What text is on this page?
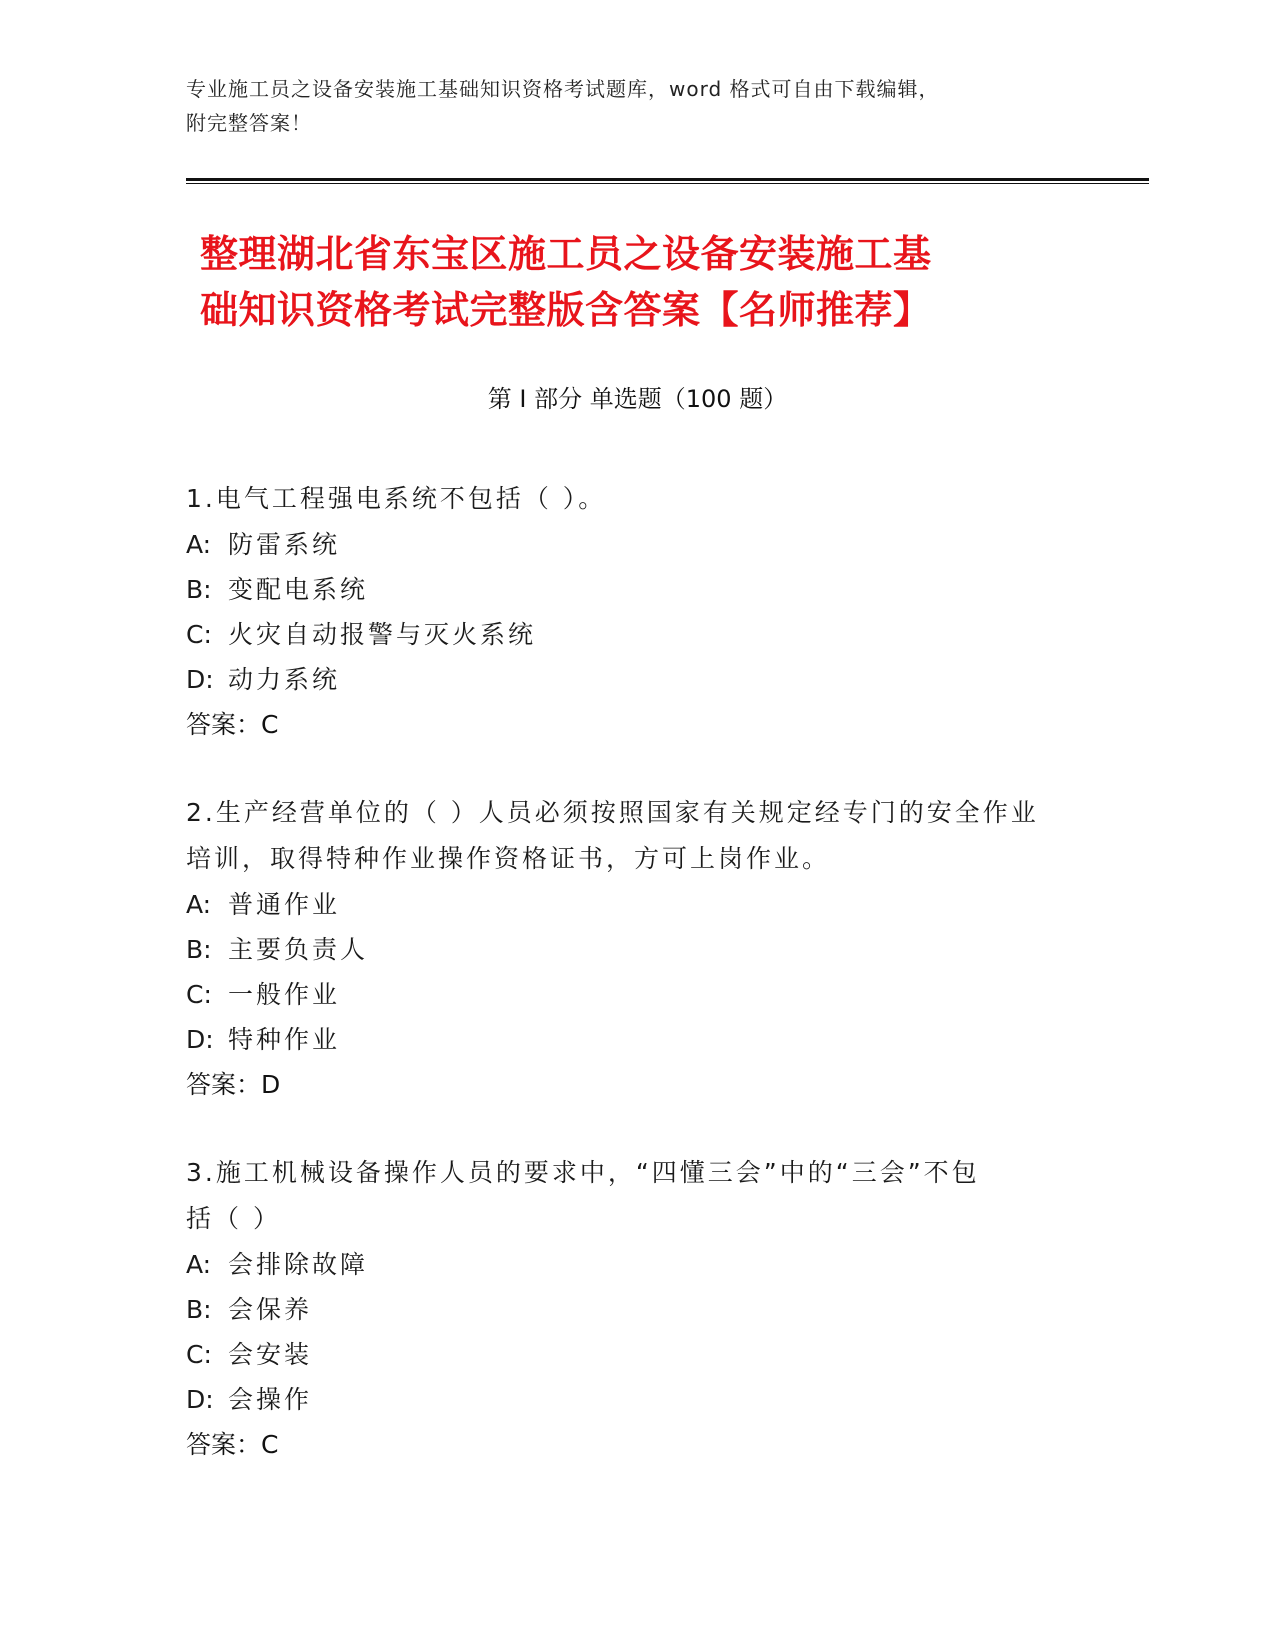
专业施工员之设备安装施工基础知识资格考试题库，word 格式可自由下载编辑，
附完整答案！
整理湖北省东宝区施工员之设备安装施工基
础知识资格考试完整版含答案【名师推荐】
第 I 部分 单选题（100 题）
1.电气工程强电系统不包括（ ）。
A: 防雷系统
B: 变配电系统
C: 火灾自动报警与灭火系统
D: 动力系统
答案：C
2.生产经营单位的（ ）人员必须按照国家有关规定经专门的安全作业
培训，取得特种作业操作资格证书，方可上岗作业。
A: 普通作业
B: 主要负责人
C: 一般作业
D: 特种作业
答案：D
3.施工机械设备操作人员的要求中，“四懂三会”中的“三会”不包
括（ ）
A: 会排除故障
B: 会保养
C: 会安装
D: 会操作
答案：C
